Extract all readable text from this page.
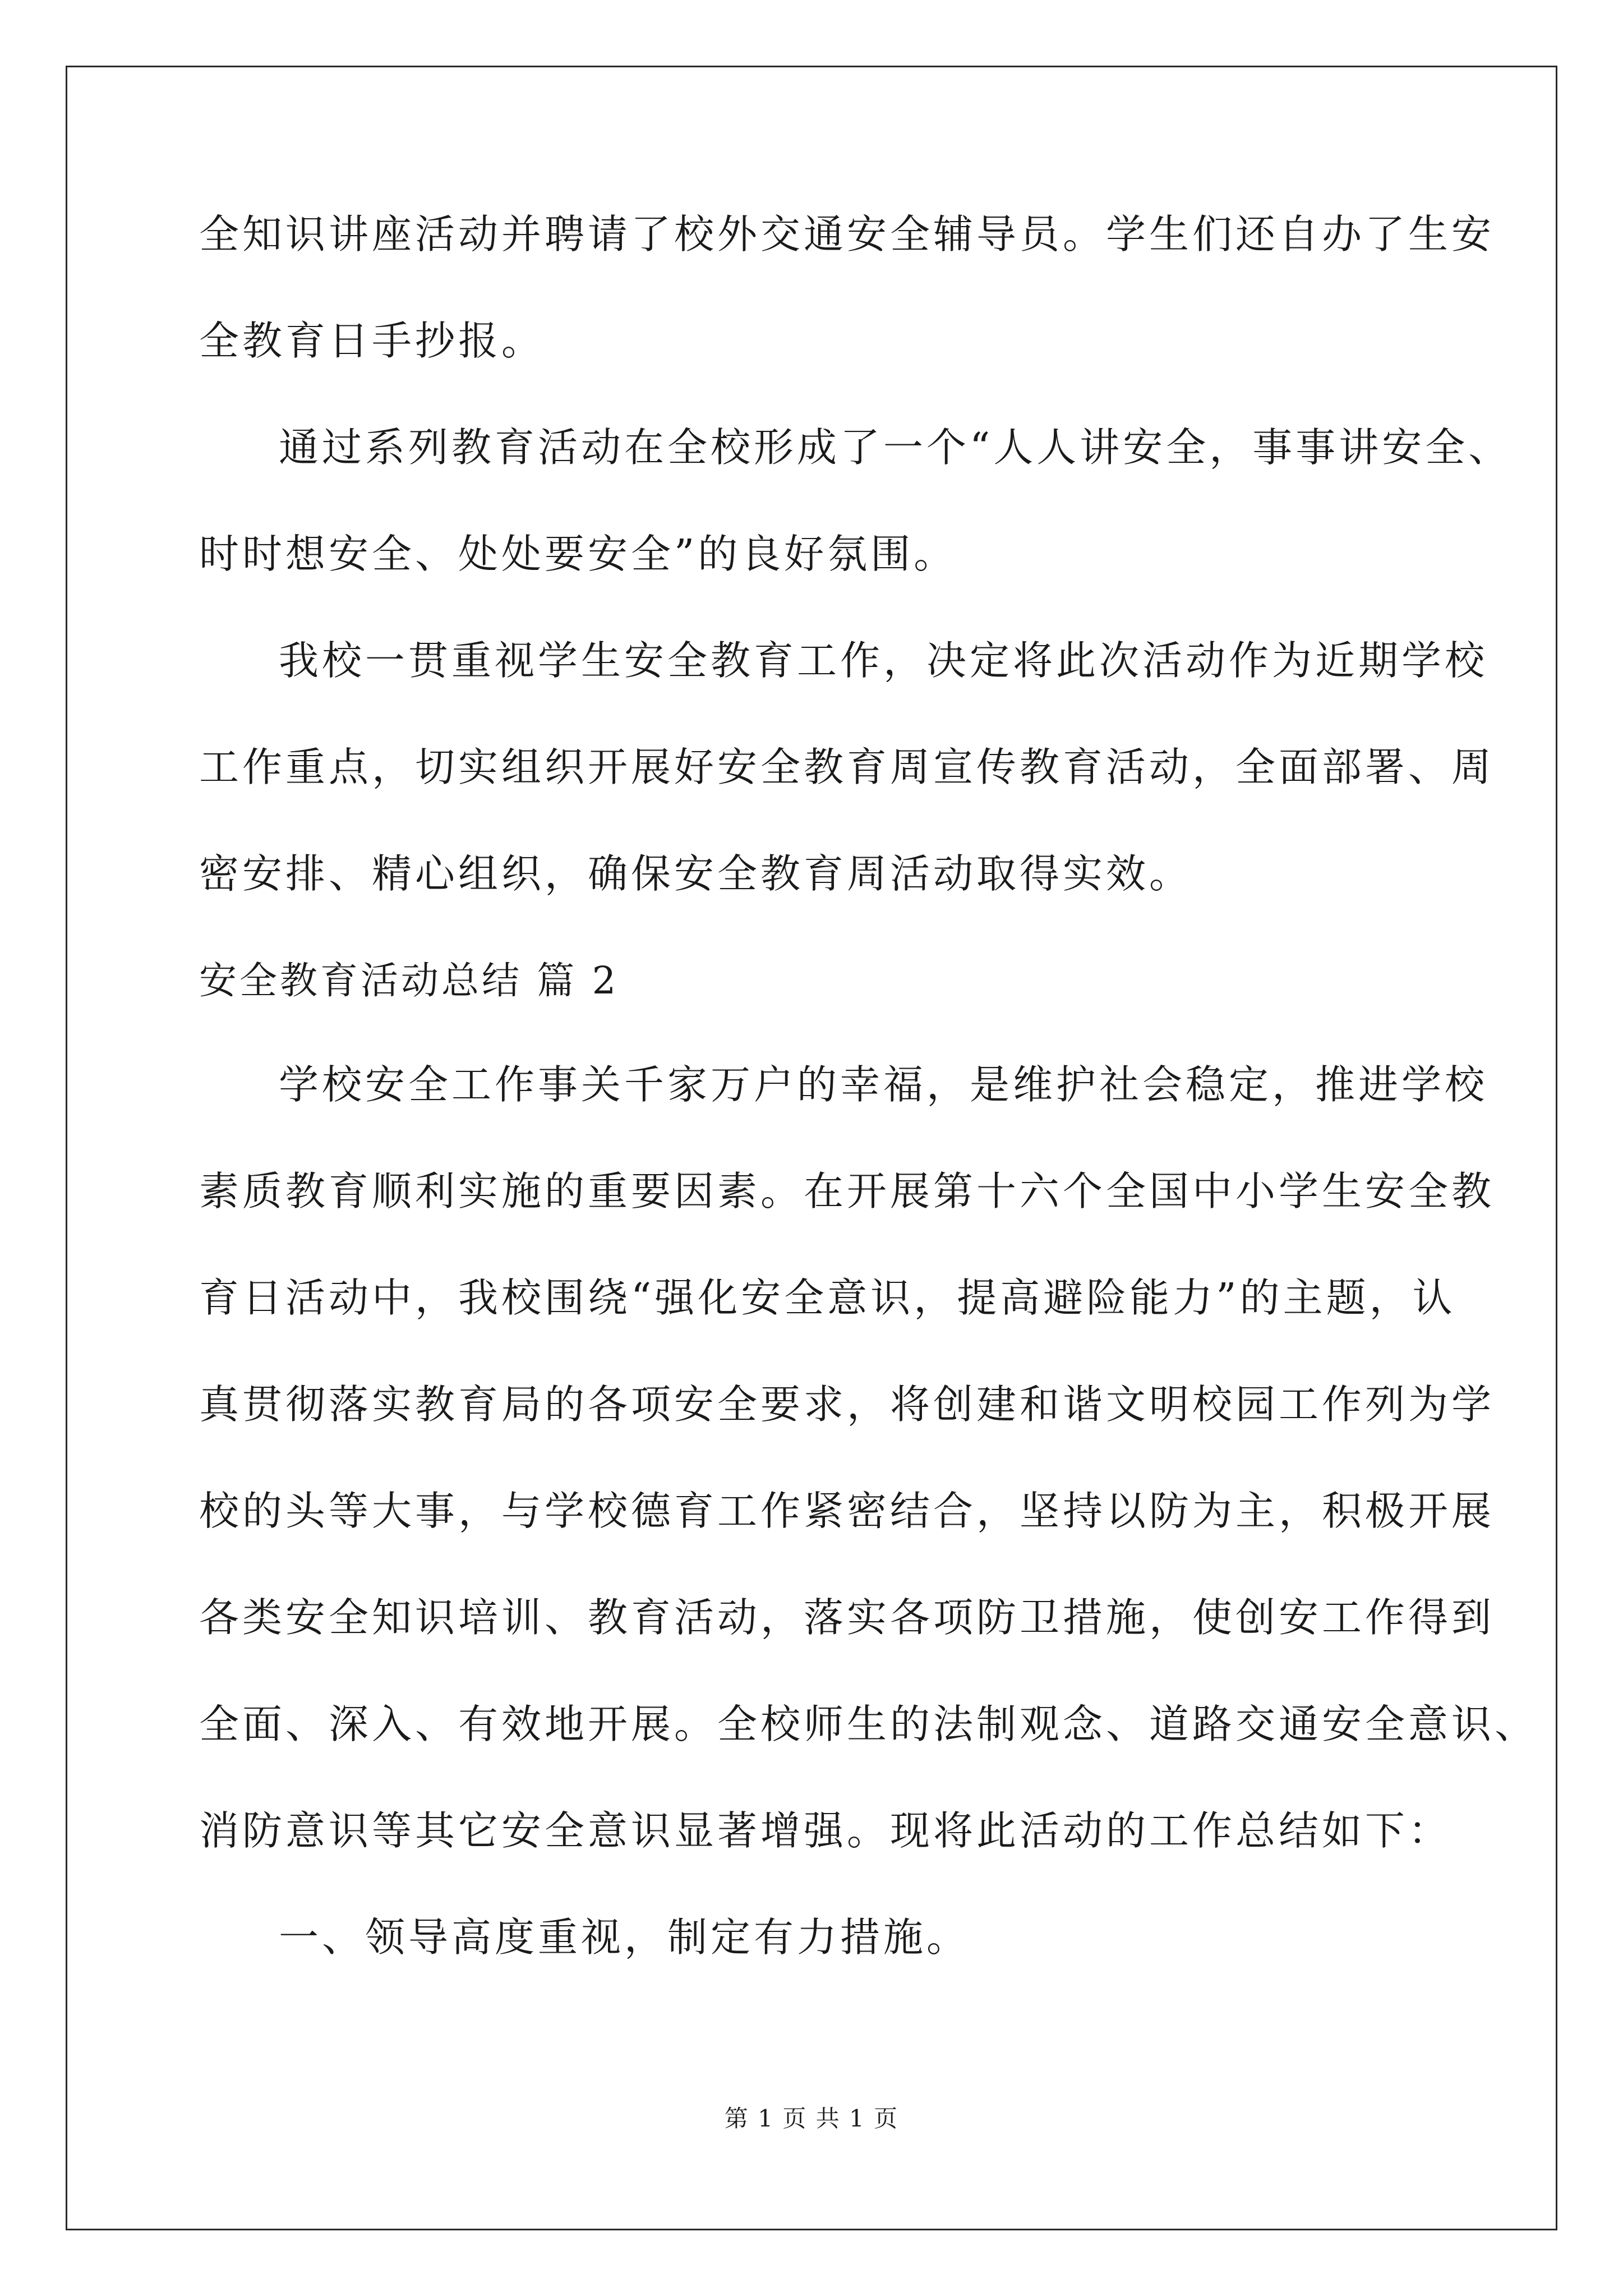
全知识讲座活动并聘请了校外交通安全辅导员。学生们还自办了生安

全教育日手抄报。

通过系列教育活动在全校形成了一个“人人讲安全，事事讲安全、

时时想安全、处处要安全”的良好氛围。

我校一贯重视学生安全教育工作，决定将此次活动作为近期学校

工作重点，切实组织开展好安全教育周宣传教育活动，全面部署、周

密安排、精心组织，确保安全教育周活动取得实效。

安全教育活动总结 篇 2

学校安全工作事关千家万户的幸福，是维护社会稳定，推进学校

素质教育顺利实施的重要因素。在开展第十六个全国中小学生安全教

育日活动中，我校围绕“强化安全意识，提高避险能力”的主题，认

真贯彻落实教育局的各项安全要求，将创建和谐文明校园工作列为学

校的头等大事，与学校德育工作紧密结合，坚持以防为主，积极开展

各类安全知识培训、教育活动，落实各项防卫措施，使创安工作得到

全面、深入、有效地开展。全校师生的法制观念、道路交通安全意识、

消防意识等其它安全意识显著增强。现将此活动的工作总结如下：

一、领导高度重视，制定有力措施。

第 1 页 共 1 页
